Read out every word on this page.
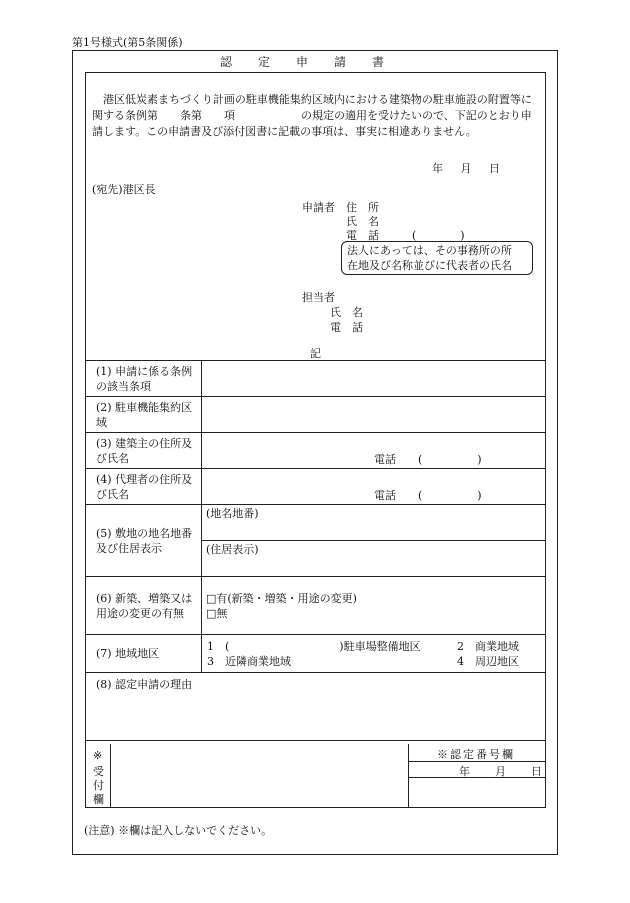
第1号様式(第5条関係)
認定申請書
港区低炭素まちづくり計画の駐車機能集約区域内における建築物の駐車施設の附置等に関する条例第　　条第　　項　　　　　　の規定の適用を受けたいので、下記のとおり申請します。この申請書及び添付図書に記載の事項は、事実に相違ありません。
年 月 日
(宛先)港区長
申請者 住　所
氏　名
電　話	(　　　　)
法人にあっては、その事務所の所
在地及び名称並びに代表者の氏名
担当者
氏　名
電　話
記
(1) 申請に係る条例の該当条項	
(2) 駐車機能集約区域	
(3) 建築主の住所及び氏名	電話　　(　　　　　)

(4) 代理者の住所及び氏名	電話　　(　　　　　)

(5) 敷地の地名地番及び住居表示	(地名地番)
	(住居表示)
(6) 新築、増築又は用途の変更の有無	□有(新築・増築・用途の変更)
□無

(7) 地域地区	1　(　　　　　　　　　　)駐車場整備地区 2　商業地域
3　近隣商業地域 4　周辺地区

(8) 認定申請の理由	
※
受
付
欄
※認定番号欄
年 月 日
(注意) ※欄は記入しないでください。
